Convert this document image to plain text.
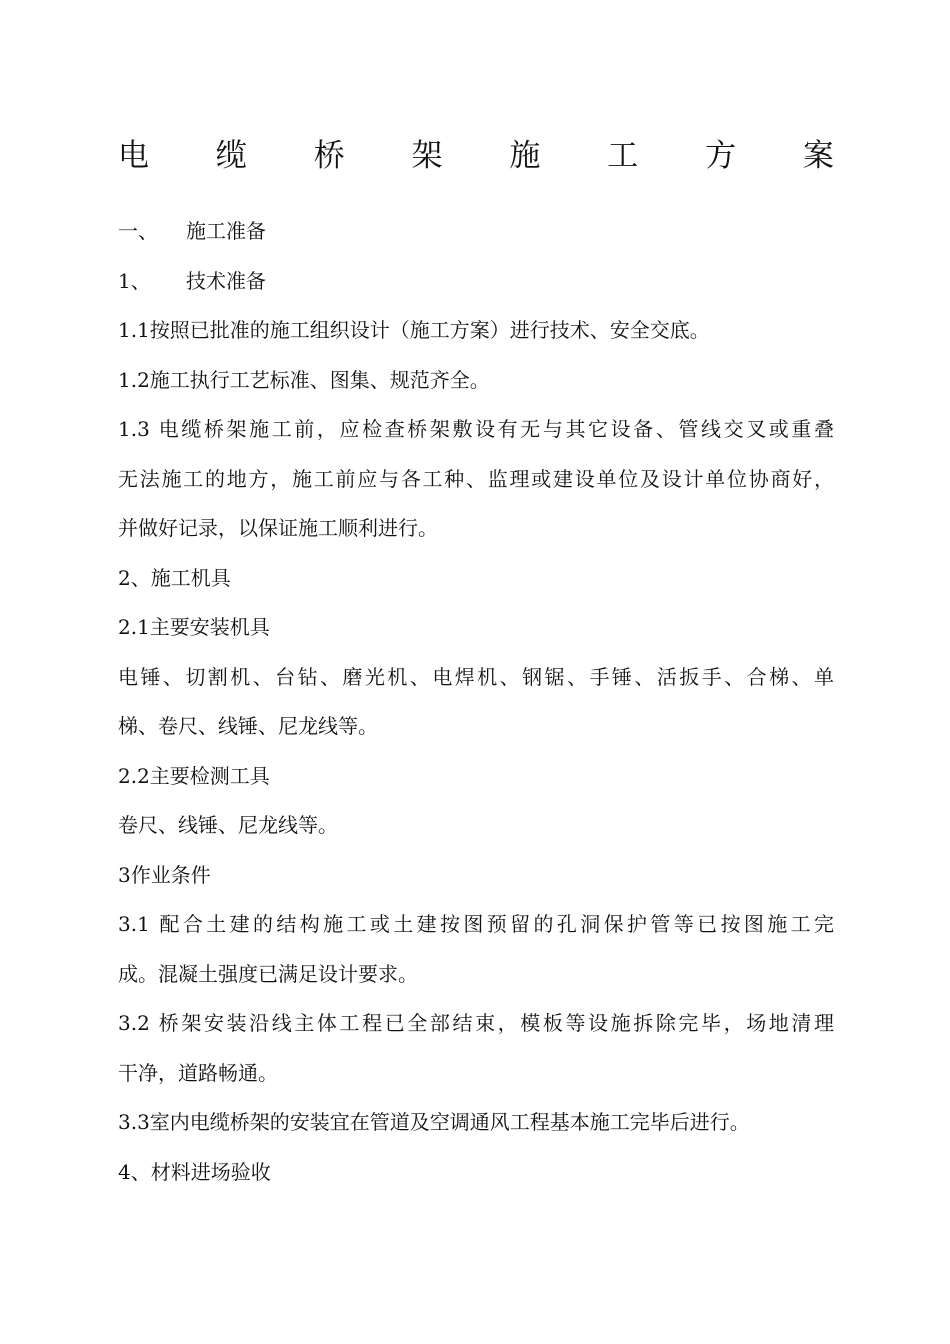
电 缆 桥 架 施 工 方 案
一、 施工准备
1、 技术准备
1.1按照已批准的施工组织设计（施工方案）进行技术、安全交底。
1.2施工执行工艺标准、图集、规范齐全。
1.3 电缆桥架施工前，应检查桥架敷设有无与其它设备、管线交叉或重叠
无法施工的地方，施工前应与各工种、监理或建设单位及设计单位协商好，
并做好记录，以保证施工顺利进行。
2、施工机具
2.1主要安装机具
电锤、切割机、台钻、磨光机、电焊机、钢锯、手锤、活扳手、合梯、单
梯、卷尺、线锤、尼龙线等。
2.2主要检测工具
卷尺、线锤、尼龙线等。
3作业条件
3.1 配合土建的结构施工或土建按图预留的孔洞保护管等已按图施工完
成。混凝土强度已满足设计要求。
3.2 桥架安装沿线主体工程已全部结束，模板等设施拆除完毕，场地清理
干净，道路畅通。
3.3室内电缆桥架的安装宜在管道及空调通风工程基本施工完毕后进行。
4、材料进场验收
